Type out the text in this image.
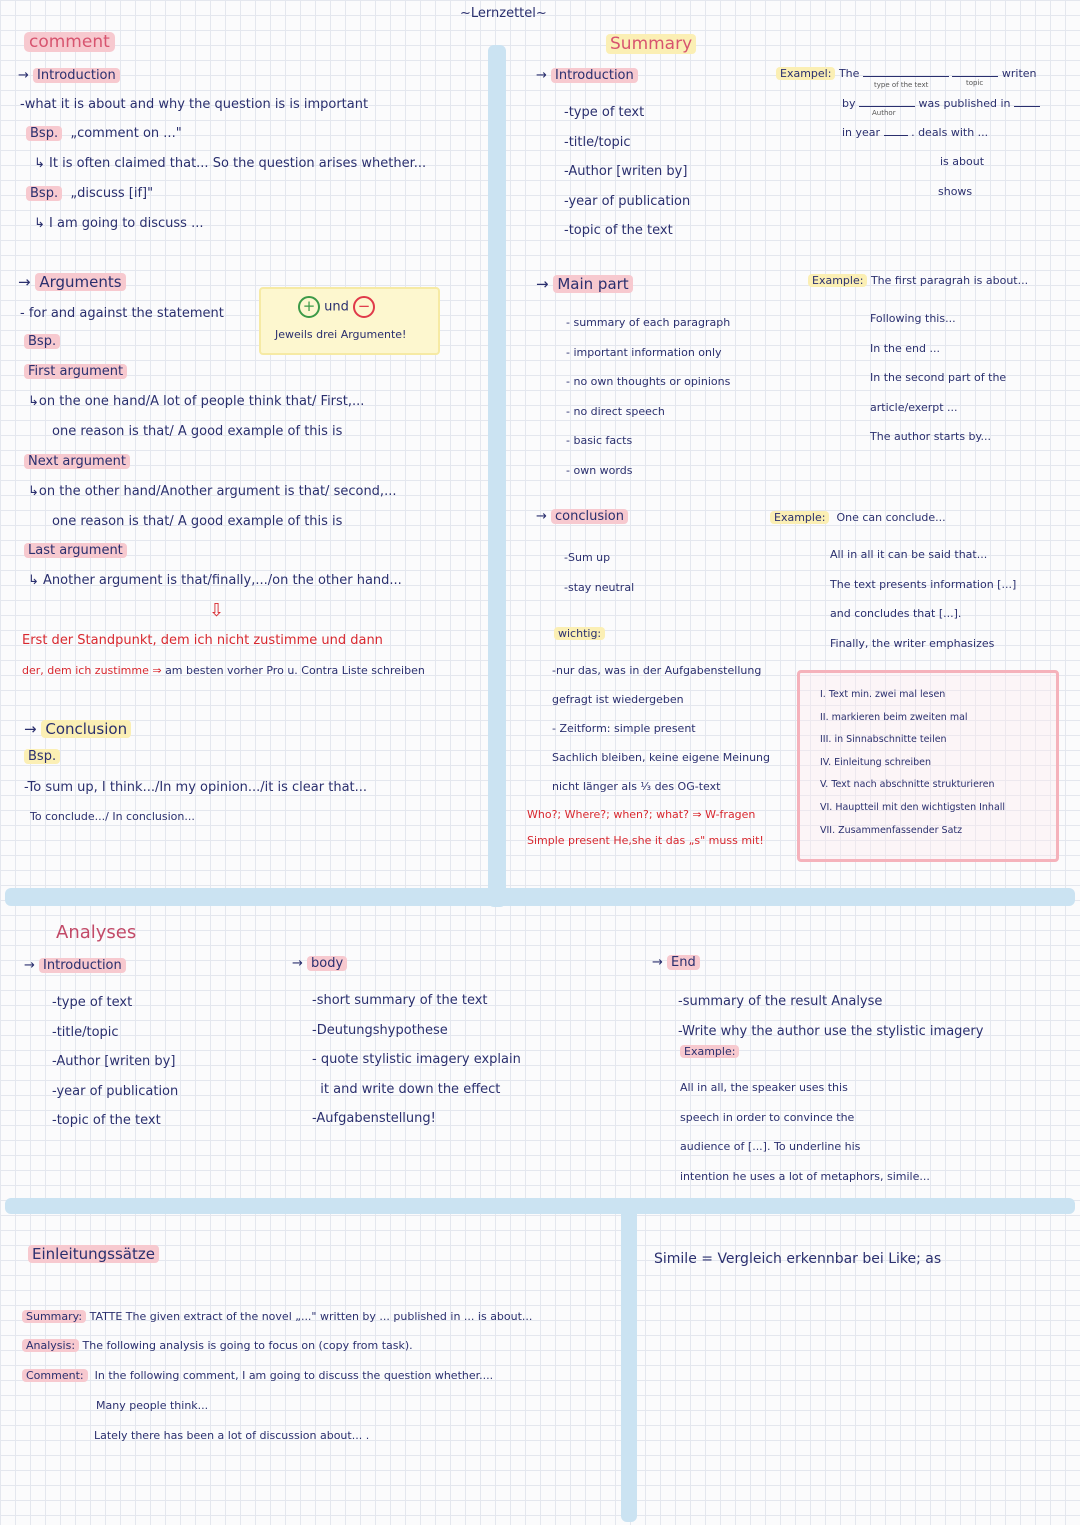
~Lernzettel~
comment
→ Introduction
-what it is about and why the question is is important
Bsp. „comment on ..."
↳ It is often claimed that... So the question arises whether...
Bsp. „discuss [if]"
↳ I am going to discuss ...
→ Arguments
- for and against the statement
Bsp.
+ und −
Jeweils drei Argumente!
First argument
↳on the one hand/A lot of people think that/ First,...
one reason is that/ A good example of this is
Next argument
↳on the other hand/Another argument is that/ second,...
one reason is that/ A good example of this is
Last argument
↳ Another argument is that/finally,.../on the other hand...
⇩
Erst der Standpunkt, dem ich nicht zustimme und dann
der, dem ich zustimme ⇒ am besten vorher Pro u. Contra Liste schreiben
→ Conclusion
Bsp.
-To sum up, I think.../In my opinion.../it is clear that...
To conclude.../ In conclusion...
Summary
→ Introduction
-type of text
-title/topic
-Author [writen by]
-year of publication
-topic of the text
Exampel: The	writen
type of the text	topic
by	was published in
Author
in year	. deals with ...
is about
shows
→ Main part
- summary of each paragraph
- important information only
- no own thoughts or opinions
- no direct speech
- basic facts
- own words
Example: The first paragrah is about...
Following this...
In the end ...
In the second part of the
article/exerpt ...
The author starts by...
→ conclusion
-Sum up
-stay neutral
Example: One can conclude...
All in all it can be said that...
The text presents information [...]
and concludes that [...].
Finally, the writer emphasizes
wichtig:
-nur das, was in der Aufgabenstellung
gefragt ist wiedergeben
- Zeitform: simple present
Sachlich bleiben, keine eigene Meinung
nicht länger als ⅓ des OG-text
Who?; Where?; when?; what? ⇒ W-fragen
Simple present He,she it das „s" muss mit!
I. Text min. zwei mal lesen
II. markieren beim zweiten mal
III. in Sinnabschnitte teilen
IV. Einleitung schreiben
V. Text nach abschnitte strukturieren
VI. Hauptteil mit den wichtigsten Inhall
VII. Zusammenfassender Satz
Analyses
→ Introduction
-type of text
-title/topic
-Author [writen by]
-year of publication
-topic of the text
→ body
-short summary of the text
-Deutungshypothese
- quote stylistic imagery explain
it and write down the effect
-Aufgabenstellung!
→ End
-summary of the result Analyse
-Write why the author use the stylistic imagery
Example:
All in all, the speaker uses this
speech in order to convince the
audience of [...]. To underline his
intention he uses a lot of metaphors, simile...
Einleitungssätze	Simile = Vergleich erkennbar bei Like; as
Summary: TATTE The given extract of the novel „..." written by ... published in ... is about...
Analysis: The following analysis is going to focus on (copy from task).
Comment: In the following comment, I am going to discuss the question whether....
Many people think...
Lately there has been a lot of discussion about... .
